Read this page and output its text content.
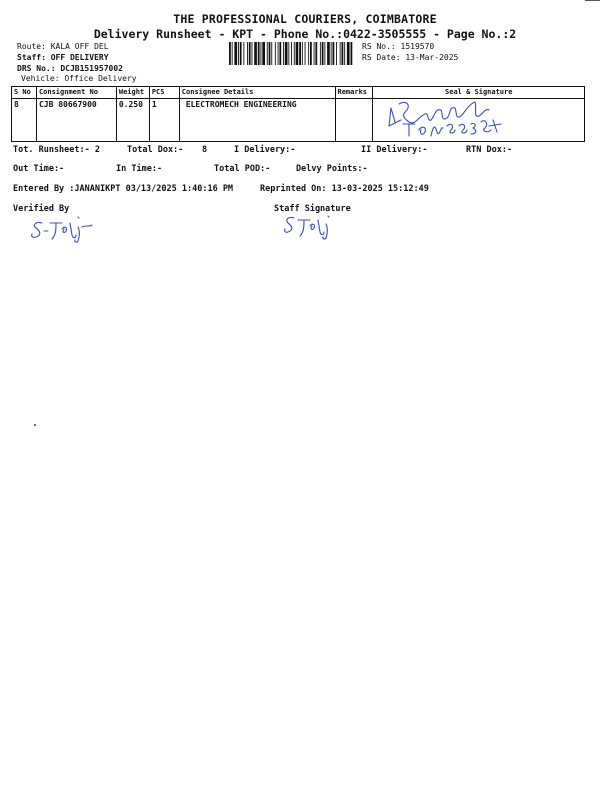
THE PROFESSIONAL COURIERS, COIMBATORE
Delivery Runsheet - KPT - Phone No.:0422-3505555 - Page No.:2
Route: KALA OFF DEL
Staff: OFF DELIVERY
DRS No.: DCJB151957002
Vehicle: Office Delivery
RS No.: 1519570
RS Date: 13-Mar-2025
S No	Consignment No	Weight	PCS	Consignee Details	Remarks	Seal & Signature
8	CJB 80667900	0.250	1	ELECTROMECH ENGINEERING		
Tot. Runsheet:- 2	Total Dox:- 8	I Delivery:-	II Delivery:-	RTN Dox:-
Out Time:-	In Time:-	Total POD:-	Delvy Points:-
Entered By :JANANIKPT 03/13/2025 1:40:16 PM	Reprinted On: 13-03-2025 15:12:49
Verified By	Staff Signature
